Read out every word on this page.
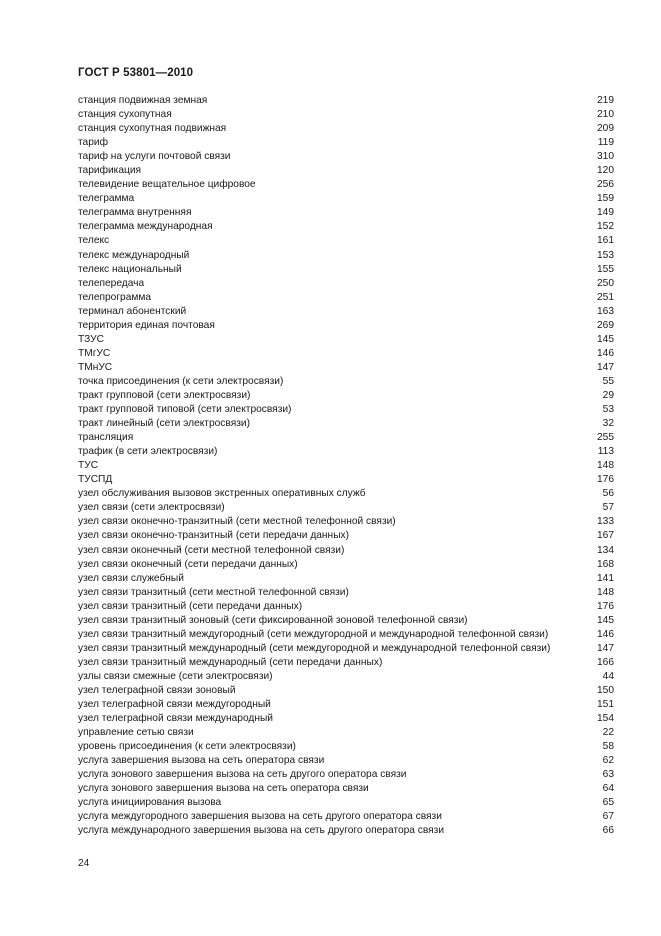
ГОСТ Р 53801—2010
станция подвижная земная	219
станция сухопутная	210
станция сухопутная подвижная	209
тариф	119
тариф на услуги почтовой связи	310
тарификация	120
телевидение вещательное цифровое	256
телеграмма	159
телеграмма внутренняя	149
телеграмма международная	152
телекс	161
телекс международный	153
телекс национальный	155
телепередача	250
телепрограмма	251
терминал абонентский	163
территория единая почтовая	269
ТЗУС	145
ТМгУС	146
ТМнУС	147
точка присоединения (к сети электросвязи)	55
тракт групповой (сети электросвязи)	29
тракт групповой типовой (сети электросвязи)	53
тракт линейный (сети электросвязи)	32
трансляция	255
трафик (в сети электросвязи)	113
ТУС	148
ТУСПД	176
узел обслуживания вызовов экстренных оперативных служб	56
узел связи (сети электросвязи)	57
узел связи оконечно-транзитный (сети местной телефонной связи)	133
узел связи оконечно-транзитный (сети передачи данных)	167
узел связи оконечный (сети местной телефонной связи)	134
узел связи оконечный (сети передачи данных)	168
узел связи служебный	141
узел связи транзитный (сети местной телефонной связи)	148
узел связи транзитный (сети передачи данных)	176
узел связи транзитный зоновый (сети фиксированной зоновой телефонной связи)	145
узел связи транзитный междугородный (сети междугородной и международной телефонной связи)	146
узел связи транзитный международный (сети междугородной и международной телефонной связи)	147
узел связи транзитный международный (сети передачи данных)	166
узлы связи смежные (сети электросвязи)	44
узел телеграфной связи зоновый	150
узел телеграфной связи междугородный	151
узел телеграфной связи международный	154
управление сетью связи	22
уровень присоединения (к сети электросвязи)	58
услуга завершения вызова на сеть оператора связи	62
услуга зонового завершения вызова на сеть другого оператора связи	63
услуга зонового завершения вызова на сеть оператора связи	64
услуга инициирования вызова	65
услуга междугородного завершения вызова на сеть другого оператора связи	67
услуга международного завершения вызова на сеть другого оператора связи	66
24
